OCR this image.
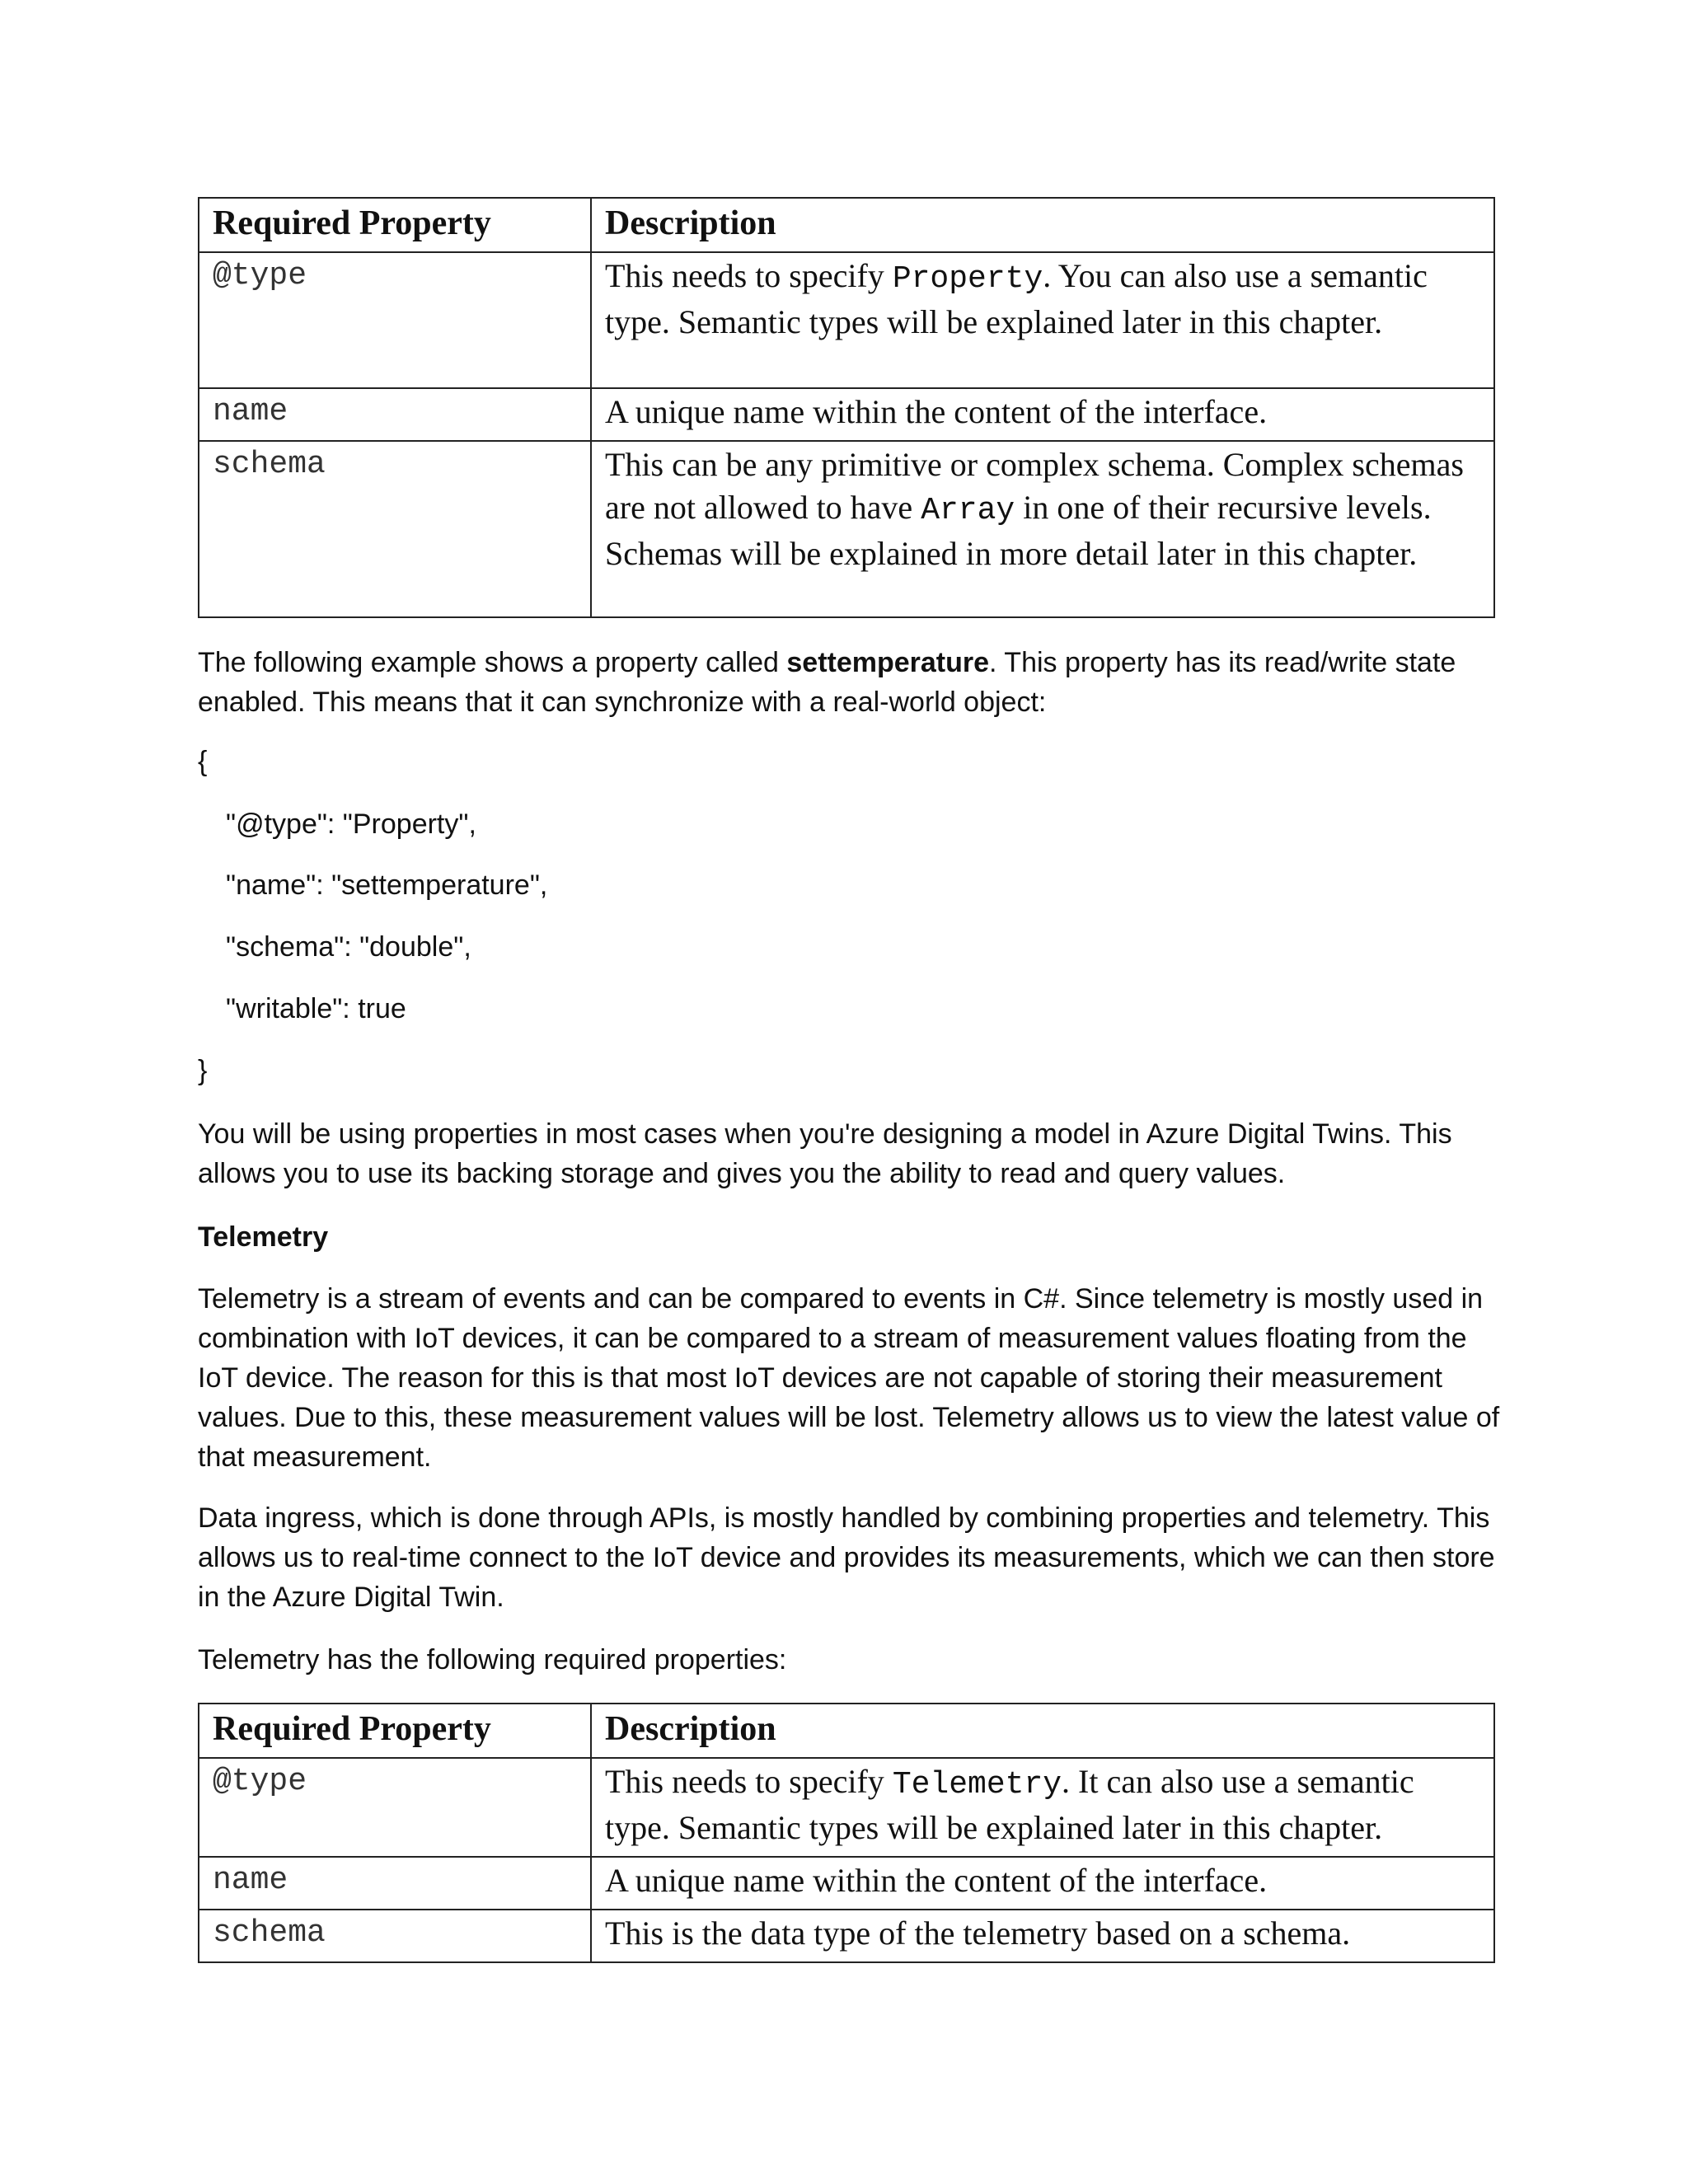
Required Property	Description
@type	This needs to specify Property. You can also use a semantic type. Semantic types will be explained later in this chapter.
name	A unique name within the content of the interface.
schema	This can be any primitive or complex schema. Complex schemas are not allowed to have Array in one of their recursive levels. Schemas will be explained in more detail later in this chapter.
The following example shows a property called settemperature. This property has its read/write state enabled. This means that it can synchronize with a real-world object:
{
"@type": "Property",
"name": "settemperature",
"schema": "double",
"writable": true
}
You will be using properties in most cases when you're designing a model in Azure Digital Twins. This allows you to use its backing storage and gives you the ability to read and query values.
Telemetry
Telemetry is a stream of events and can be compared to events in C#. Since telemetry is mostly used in combination with IoT devices, it can be compared to a stream of measurement values floating from the IoT device. The reason for this is that most IoT devices are not capable of storing their measurement values. Due to this, these measurement values will be lost. Telemetry allows us to view the latest value of that measurement.
Data ingress, which is done through APIs, is mostly handled by combining properties and telemetry. This allows us to real-time connect to the IoT device and provides its measurements, which we can then store in the Azure Digital Twin.
Telemetry has the following required properties:
Required Property	Description
@type	This needs to specify Telemetry. It can also use a semantic type. Semantic types will be explained later in this chapter.
name	A unique name within the content of the interface.
schema	This is the data type of the telemetry based on a schema.
